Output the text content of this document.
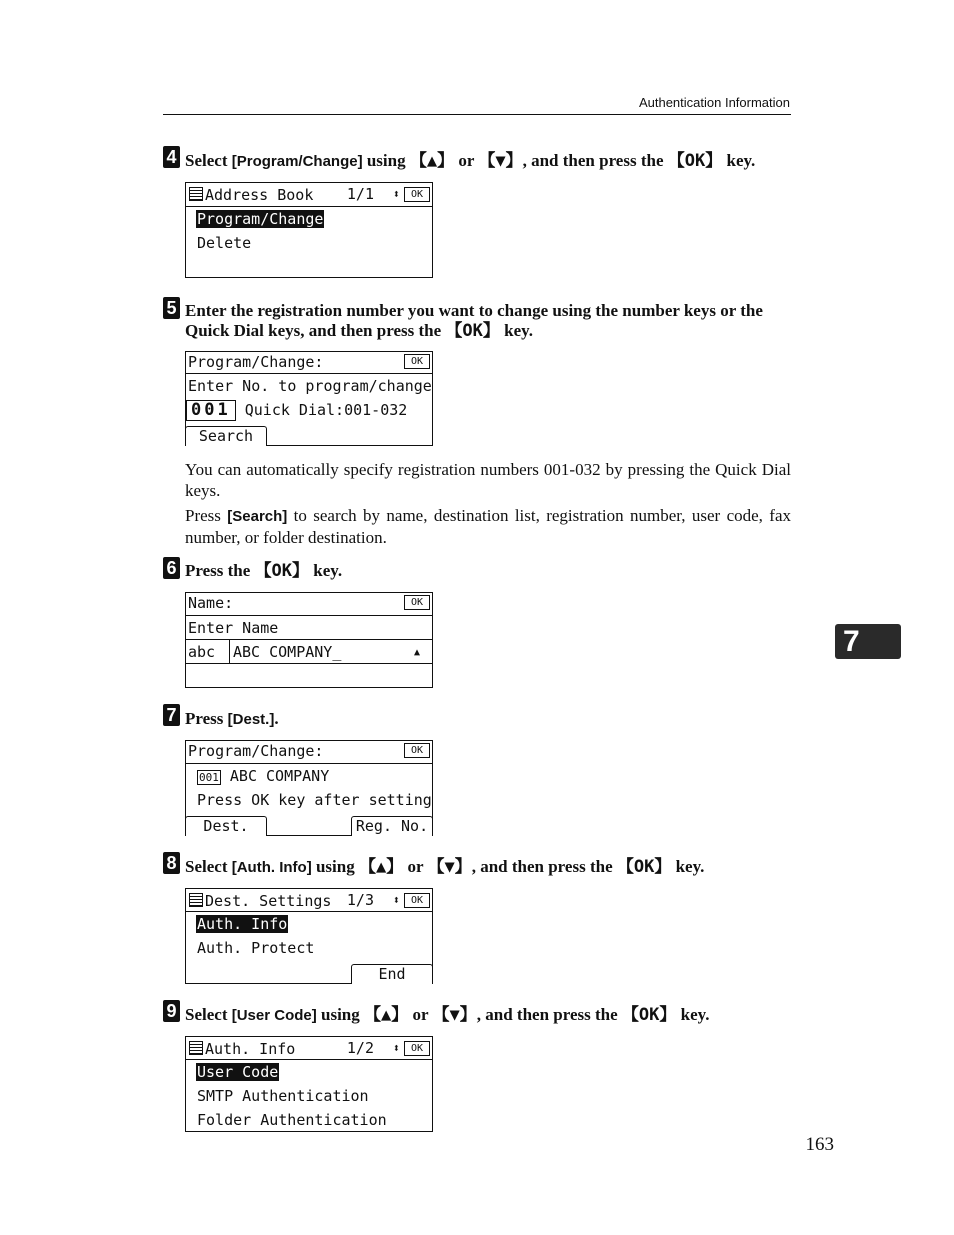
Authentication Information
4 Select [Program/Change] using 【▲】 or 【▼】, and then press the 【OK】 key.
Address Book	1/1 ⬍	OK
Program/Change
Delete
5 Enter the registration number you want to change using the number keys or the Quick Dial keys, and then press the 【OK】 key.
Program/Change:	OK
Enter No. to program/change
001 Quick Dial:001-032
Search
You can automatically specify registration numbers 001-032 by pressing the Quick Dial keys.
Press [Search] to search by name, destination list, registration number, user code, fax number, or folder destination.
6 Press the 【OK】 key.
Name:	OK
Enter Name
abc	ABC COMPANY_	▲
7 Press [Dest.].
Program/Change:	OK
001 ABC COMPANY
Press OK key after setting
Dest.	Reg. No.
8 Select [Auth. Info] using 【▲】 or 【▼】, and then press the 【OK】 key.
Dest. Settings	1/3 ⬍	OK
Auth. Info
Auth. Protect
End
9 Select [User Code] using 【▲】 or 【▼】, and then press the 【OK】 key.
Auth. Info	1/2 ⬍	OK
User Code
SMTP Authentication
Folder Authentication
7
163
